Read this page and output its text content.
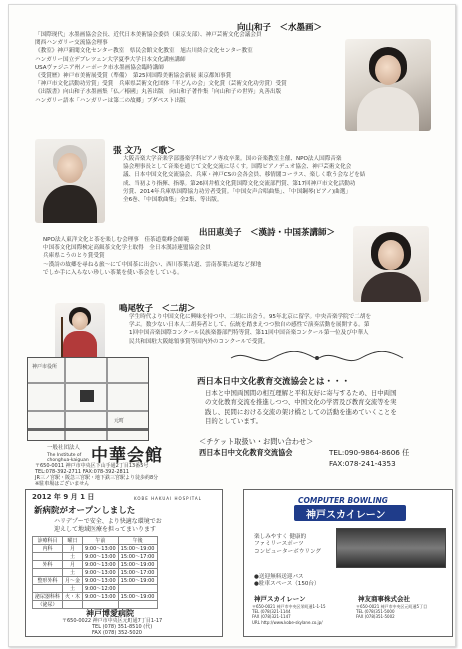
向山和子　＜水墨画＞
「国際现代」水墨画協会会長、近代日本美術協会委員（東京支部）、神戸芸術文化会議会員
関西ハンガリー交流協会理事
《教室》神戸新聞文化センター教室　県民会館文化教室　旭古川終合文化センター教室
ハンガリー国立デブレツェン大学夏季大学日本文化講座講師
USAヴァジニア州ノーポーク市水墨画協会臨時講師
《受賞歴》神戸市美術展受賞（準備）　第25回国際美術協会新展 東京都知事賞
「神戸市文化活動功労賞」受賞　兵庫県芸術文化団体「半どんの会」文化賞（芸術文化功労賞）受賞
《出版書》向山和子水墨画集「仏／椿國」丸善出版　向山和子著作集「向山和子の世界」丸善出版
ハンガリー語本「ハンガリーは第二の故郷」ブダペスト出版
張 文乃　＜歌＞
大阪音楽大学音楽学部器楽学科ピアノ専攻卒業。国の音楽教室主催、NPO法人国際音楽
協会理事長として音楽を通じて文化交流に尽くす。国際ピアノデュオ協会、神戸芸術文化会
議、日本中国文化交流協会、兵庫・神戸CSの会各会員、移情閣コーラス、楽しく歌う会などを結
成、当初より指揮、指導。第26回井植文化賞国際文化交流部門賞、第17回神戸市文化活動功
労賞、2014年兵庫県国際協力功労者受賞。「中国女声合唱曲集」、「中国鋼琴(ピアノ)曲選」
全6巻、「中国歌曲集」全2集、等出版。
出田恵美子　＜漢詩・中国茶講師＞
NPO法人東洋文化と茶を楽しむ会理事　佳茶道葉峰会師範
中国茶文化国際検定高級茶文化学士取得　全日本漢詩連盟協会会員
兵庫県こうのとり賞受賞
～漢詩の故郷を尋ねる旅～にて中国茶に出会い、西川茶葉古道、雲南茶葉古道など探地
でしか手に入らない珍しい茶葉を使い茶会をしている。
鳴尾牧子　＜二胡＞
学生時代より中国文化に興味を持つ中、二胡に出会う。95年北京に留学。中央音楽学院で二胡を
学ぶ。数少ない日本人二胡奏者として、伝統を踏まえつつ独自の感性で演奏活動を展開する。第
1回中国音楽国際コンクール民族楽器部門特等賞、第11回中国音楽コンクール第一位及び中華人
民共和国駐大阪総領事賞等国内外のコンクールで受賞。
神戸市役所
元町
一般社団法人
The Institute of
chonghua-kaiguan 中華会館
〒650-0011 神戸市中央区下山手通2丁目13番5号
TEL:078-392-2711 FAX:078-392-2811
JR三ノ宮駅・阪急三宮駅・地下鉄三宮駅より徒歩約8分
※駐車場はございません
西日本日中文化教育交流協会とは・・・
日本と中国両国間の相互理解と平和友好に寄与するため、日中両国
の文化教育交流を推進しつつ、中国文化の学習及び教育交流等を実
践し、民間における交流の架け橋としての活動を進めていくことを
目的としています。
＜チケット取扱い・お問い合わせ＞
西日本日中文化教育交流協会	TEL:090-9864-8606 任
FAX:078-241-4353
2012 年 9 月 1 日	KOBE HAKUAI HOSPITAL
新病院がオープンしました
ハリデプーで安全、より快適な環境でお
迎えして地域医療を担ってまいります
診療科目	曜日	午前	午後
内科	月	9:00～13:00	15:00～19:00
	土	9:00～13:00	15:00～17:00
外科	月	9:00～13:00	15:00～19:00
	土	9:00～13:00	15:00～17:00
整形外科	月～金	9:00～13:00	15:00～19:00
	土	9:00～12:00	
泌尿器科科	火・木	9:00～13:00	15:00～19:00
（泌尿）			
神戸博愛病院
〒650-0022 神戸市中央区元町通7丁目1-17
TEL (078) 351-8510 (代)
FAX (078) 352-5020
COMPUTER BOWLING
神戸スカイレーン
楽しみやすく 健康的
ファミリースポーツ
コンピューターボウリング
●送迎無料送迎バス
●駐車スペース（150台）
神戸スカイレーン	神友商事株式会社
〒650-0021 神戸市中央区栄町通1-1-15
TEL (078)321-1144
FAX (078)321-1147
URL http://www.kobe-skylane.co.jp/
〒650-0021 神戸市中央区元町通5丁目
TEL (078)351-5000
FAX (078)351-5002
